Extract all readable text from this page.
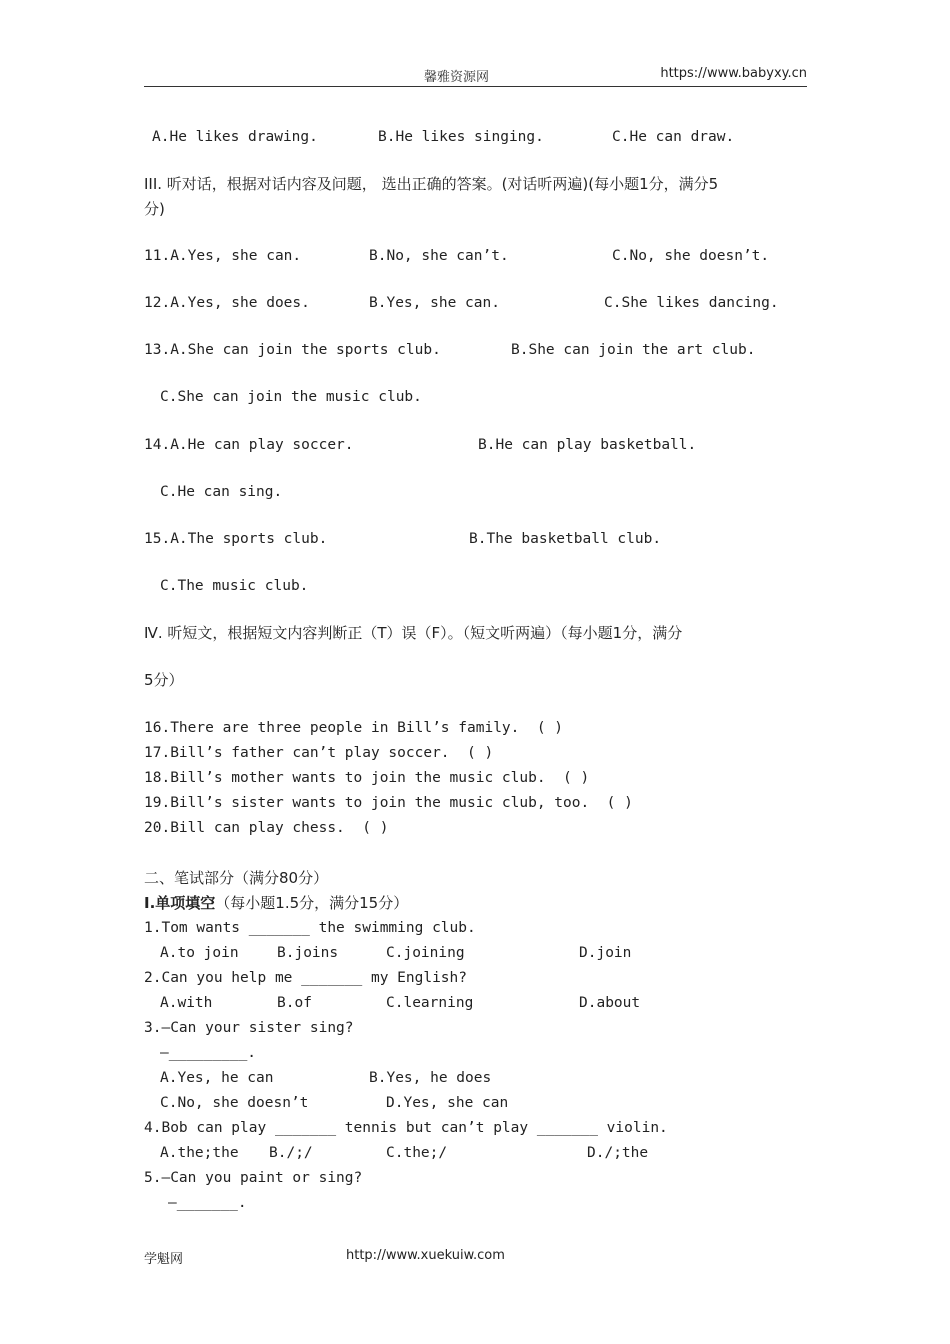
馨雅资源网	https://www.babyxy.cn
A.He likes drawing.	B.He likes singing.	C.He can draw.
III. 听对话，根据对话内容及问题， 选出正确的答案。(对话听两遍)(每小题1分，满分5
分)
11.A.Yes, she can.	B.No, she can’t.	C.No, she doesn’t.
12.A.Yes, she does.	B.Yes, she can.	C.She likes dancing.
13.A.She can join the sports club.	B.She can join the art club.
C.She can join the music club.
14.A.He can play soccer.	B.He can play basketball.
C.He can sing.
15.A.The sports club.	B.The basketball club.
C.The music club.
Ⅳ. 听短文，根据短文内容判断正（T）误（F）。（短文听两遍）（每小题1分，满分
5分）
16.There are three people in Bill’s family.  ( )
17.Bill’s father can’t play soccer.  ( )
18.Bill’s mother wants to join the music club.  ( )
19.Bill’s sister wants to join the music club, too.  ( )
20.Bill can play chess.  ( )
二、笔试部分（满分80分）
Ⅰ.单项填空（每小题1.5分，满分15分）
1.Tom wants _______ the swimming club.
A.to join	B.joins	C.joining	D.join
2.Can you help me _______ my English?
A.with	B.of	C.learning	D.about
3.—Can your sister sing?
—_________.
A.Yes, he can	B.Yes, he does
C.No, she doesn’t	D.Yes, she can
4.Bob can play _______ tennis but can’t play _______ violin.
A.the;the B./;/	C.the;/	D./;the
5.—Can you paint or sing?
—_______.
学魁网	http://www.xuekuiw.com
